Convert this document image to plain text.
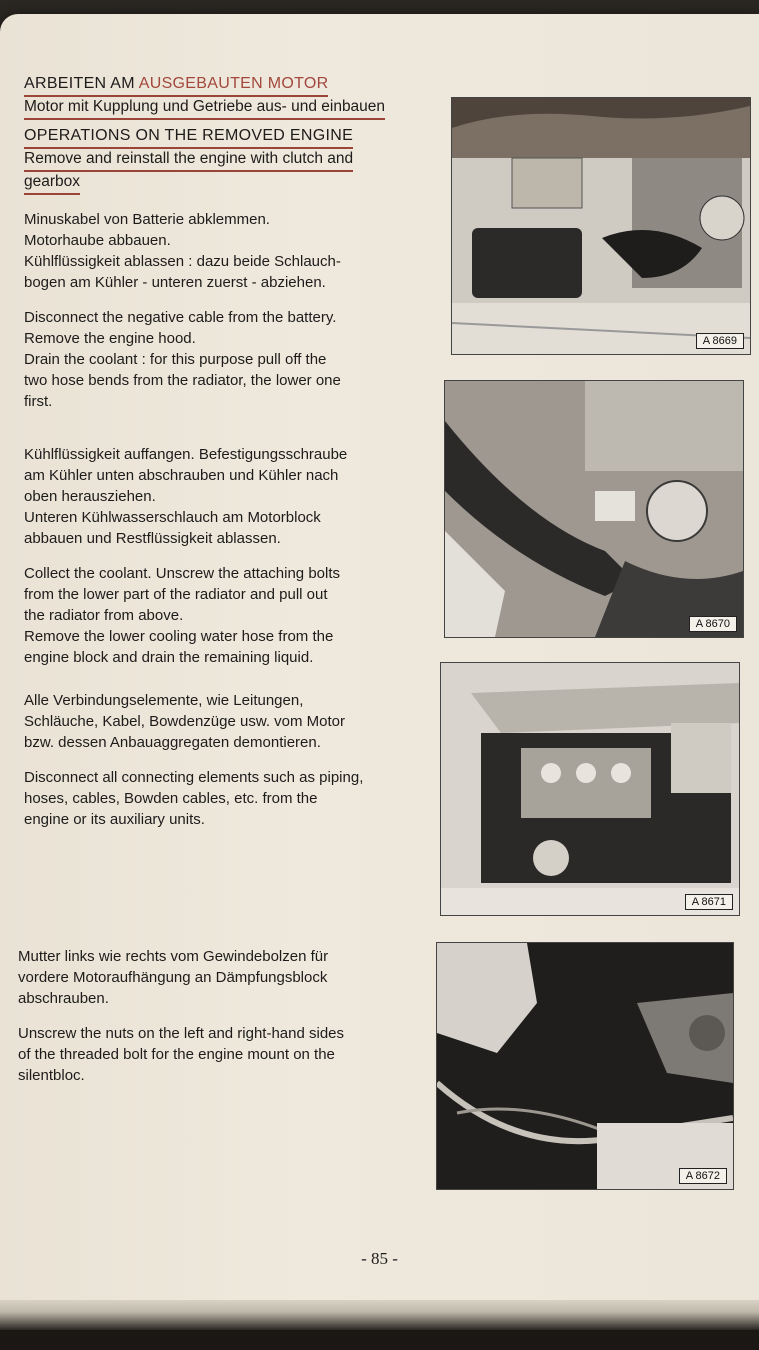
ARBEITEN AM AUSGEBAUTEN MOTOR
Motor mit Kupplung und Getriebe aus- und einbauen
OPERATIONS ON THE REMOVED ENGINE
Remove and reinstall the engine with clutch and
gearbox

Minuskabel von Batterie abklemmen.

Motorhaube abbauen.

Kühlflüssigkeit ablassen : dazu beide Schlauch-

bogen am Kühler - unteren zuerst - abziehen.

Disconnect the negative cable from the battery.

Remove the engine hood.

Drain the coolant : for this purpose pull off the

two hose bends from the radiator, the lower one

first.

Kühlflüssigkeit auffangen. Befestigungsschraube

am Kühler unten abschrauben und Kühler nach

oben herausziehen.

Unteren Kühlwasserschlauch am Motorblock

abbauen und Restflüssigkeit ablassen.

Collect the coolant. Unscrew the attaching bolts

from the lower part of the radiator and pull out

the radiator from above.

Remove the lower cooling water hose from the

engine block and drain the remaining liquid.

Alle Verbindungselemente, wie Leitungen,

Schläuche, Kabel, Bowdenzüge usw. vom Motor

bzw. dessen Anbauaggregaten demontieren.

Disconnect all connecting elements such as piping,

hoses, cables, Bowden cables, etc. from the

engine or its auxiliary units.

Mutter links wie rechts vom Gewindebolzen für

vordere Motoraufhängung an Dämpfungsblock

abschrauben.

Unscrew the nuts on the left and right-hand sides

of the threaded bolt for the engine mount on the

silentbloc.

A 8669
A 8670
A 8671
A 8672
- 85 -
